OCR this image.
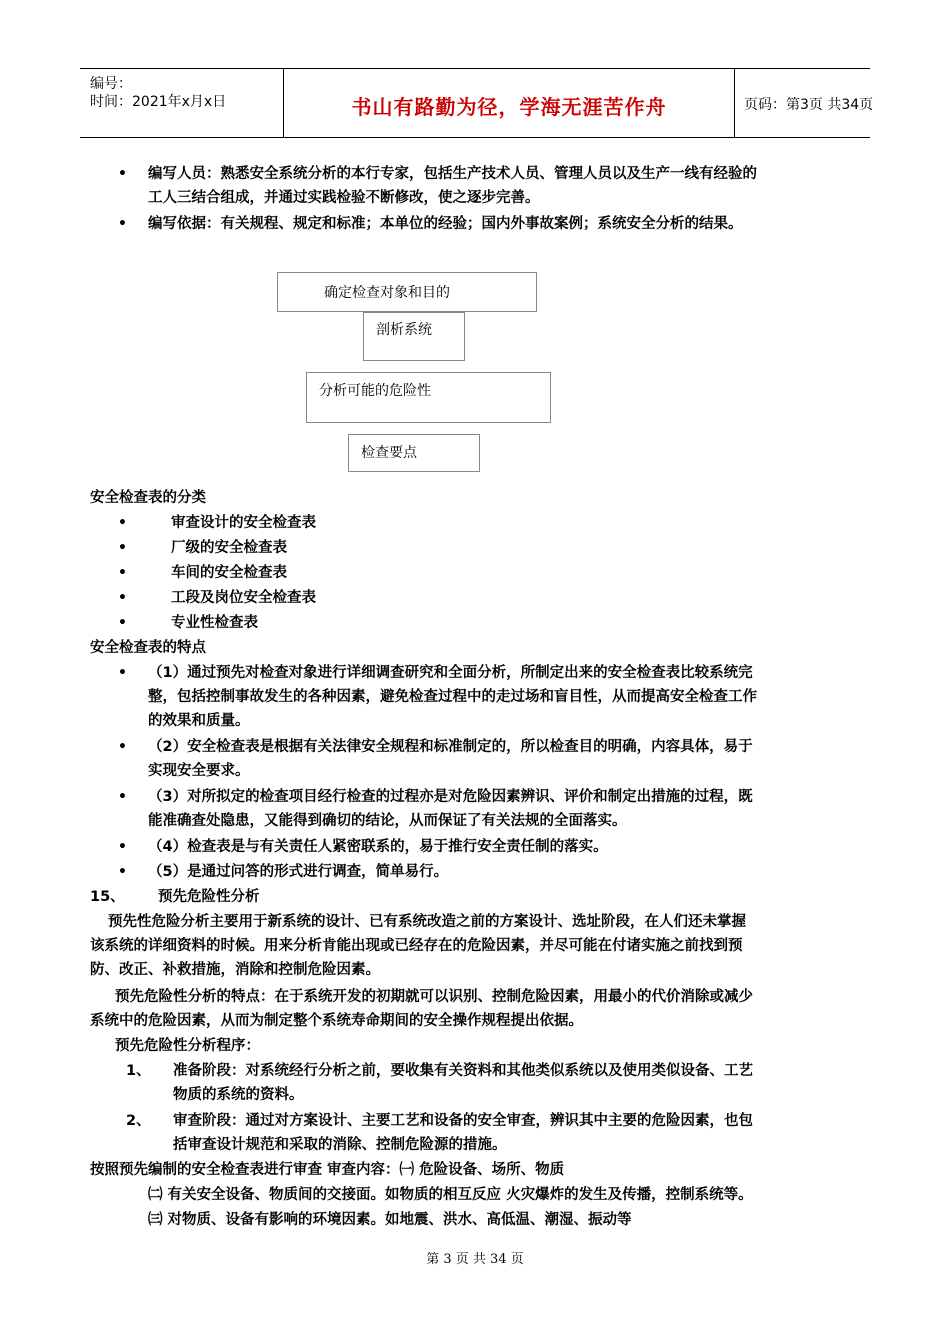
编号：
时间：2021年x月x日	书山有路勤为径，学海无涯苦作舟	页码：第3页 共34页
• 编写人员：熟悉安全系统分析的本行专家，包括生产技术人员、管理人员以及生产一线有经验的
工人三结合组成，并通过实践检验不断修改，使之逐步完善。
• 编写依据：有关规程、规定和标准；本单位的经验；国内外事故案例；系统安全分析的结果。
确定检查对象和目的
剖析系统
分析可能的危险性
检查要点
安全检查表的分类
•	审查设计的安全检查表
•	厂级的安全检查表
•	车间的安全检查表
•	工段及岗位安全检查表
•	专业性检查表
安全检查表的特点
• （1）通过预先对检查对象进行详细调查研究和全面分析，所制定出来的安全检查表比较系统完
整，包括控制事故发生的各种因素，避免检查过程中的走过场和盲目性，从而提高安全检查工作
的效果和质量。
• （2）安全检查表是根据有关法律安全规程和标准制定的，所以检查目的明确，内容具体，易于
实现安全要求。
• （3）对所拟定的检查项目经行检查的过程亦是对危险因素辨识、评价和制定出措施的过程，既
能准确查处隐患，又能得到确切的结论，从而保证了有关法规的全面落实。
• （4）检查表是与有关责任人紧密联系的，易于推行安全责任制的落实。
• （5）是通过问答的形式进行调查，简单易行。
15、 预先危险性分析
预先性危险分析主要用于新系统的设计、已有系统改造之前的方案设计、选址阶段，在人们还未掌握
该系统的详细资料的时候。用来分析肯能出现或已经存在的危险因素，并尽可能在付诸实施之前找到预
防、改正、补救措施，消除和控制危险因素。
预先危险性分析的特点：在于系统开发的初期就可以识别、控制危险因素，用最小的代价消除或减少
系统中的危险因素，从而为制定整个系统寿命期间的安全操作规程提出依据。
预先危险性分析程序：
1、 准备阶段：对系统经行分析之前，要收集有关资料和其他类似系统以及使用类似设备、工艺
物质的系统的资料。
2、 审查阶段：通过对方案设计、主要工艺和设备的安全审查，辨识其中主要的危险因素，也包
括审查设计规范和采取的消除、控制危险源的措施。
按照预先编制的安全检查表进行审查 审查内容：㈠ 危险设备、场所、物质
㈡ 有关安全设备、物质间的交接面。如物质的相互反应 火灾爆炸的发生及传播，控制系统等。
㈢ 对物质、设备有影响的环境因素。如地震、洪水、高低温、潮湿、振动等
第 3 页 共 34 页
